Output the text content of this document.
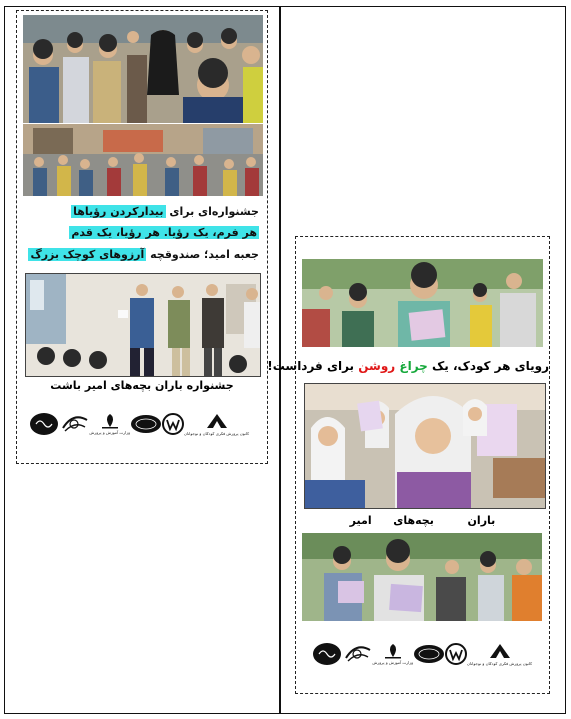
جشنواره‌ای برای بیدارکردن رؤیاها
هر فرم، یک رؤیا. هر رؤیا، یک قدم
جعبه امید؛ صندوقچه آرزوهای کوچک بزرگ
جشنواره باران بچه‌های امیر باشت
کانون پرورش فکری کودکان و نوجوانان
وزارت آموزش و پرورش
رویای هر کودک، یک چراغ روشن برای فرداست!
باران  بچه‌های  امیر
کانون پرورش فکری کودکان و نوجوانان
وزارت آموزش و پرورش
